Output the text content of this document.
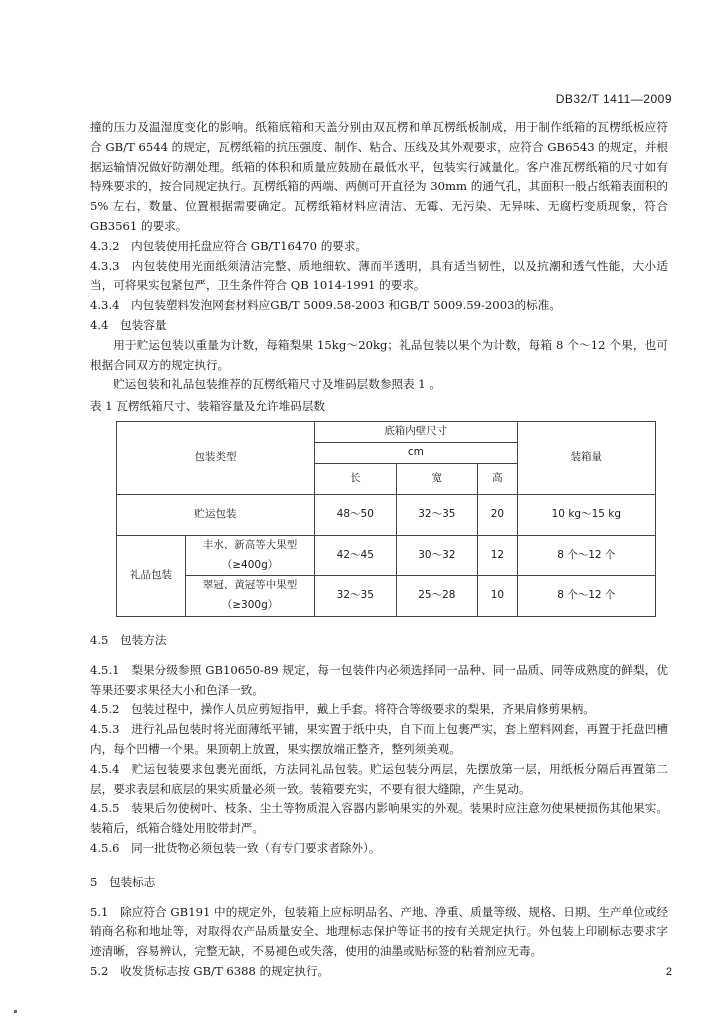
DB32/T 1411—2009

撞的压力及温湿度变化的影响。纸箱底箱和天盖分别由双瓦楞和单瓦楞纸板制成，用于制作纸箱的瓦楞纸板应符合 GB/T 6544 的规定，瓦楞纸箱的抗压强度、制作、粘合、压线及其外观要求，应符合 GB6543 的规定，并根据运输情况做好防潮处理。纸箱的体积和质量应鼓励在最低水平，包装实行减量化。客户准瓦楞纸箱的尺寸如有特殊要求的，按合同规定执行。瓦楞纸箱的两端、两侧可开直径为 30mm 的通气孔，其面积一般占纸箱表面积的 5% 左右，数量、位置根据需要确定。瓦楞纸箱材料应清洁、无霉、无污染、无异味、无腐朽变质现象，符合 GB3561 的要求。

4.3.2　内包装使用托盘应符合 GB/T16470 的要求。

4.3.3　内包装使用光面纸须清洁完整、质地细软、薄而半透明，具有适当韧性，以及抗潮和透气性能，大小适当，可将果实包紧包严，卫生条件符合 QB 1014-1991 的要求。

4.3.4　内包装塑料发泡网套材料应GB/T 5009.58-2003 和GB/T 5009.59-2003的标准。

4.4　包装容量

用于贮运包装以重量为计数，每箱梨果 15kg～20kg；礼品包装以果个为计数，每箱 8 个～12 个果，也可根据合同双方的规定执行。

贮运包装和礼品包装推荐的瓦楞纸箱尺寸及堆码层数参照表 1 。

表 1 瓦楞纸箱尺寸、装箱容量及允许堆码层数

包装类型		底箱内壁尺寸			装箱量
		cm			
		长	宽	高	
贮运包装		48～50	32～35	20	10 kg～15 kg
礼品包装	丰水、新高等大果型
（≥400g）	42～45	30～32	12	8 个～12 个

	翠冠、黄冠等中果型
（≥300g）	32～35	25～28	10	8 个～12 个

4.5　包装方法

4.5.1　梨果分级参照 GB10650-89 规定，每一包装件内必须选择同一品种、同一品质、同等成熟度的鲜梨，优等果还要求果径大小和色泽一致。

4.5.2　包装过程中，操作人员应剪短指甲，戴上手套。将符合等级要求的梨果，齐果肩修剪果柄。

4.5.3　进行礼品包装时将光面薄纸平铺，果实置于纸中央，自下而上包裹严实，套上塑料网套，再置于托盘凹槽内，每个凹槽一个果。果顶朝上放置，果实摆放端正整齐，整列须美观。

4.5.4　贮运包装要求包裹光面纸，方法同礼品包装。贮运包装分两层，先摆放第一层，用纸板分隔后再置第二层，要求表层和底层的果实质量必须一致。装箱要充实，不要有很大缝隙，产生晃动。

4.5.5　装果后勿使树叶、枝条、尘土等物质混入容器内影响果实的外观。装果时应注意勿使果梗损伤其他果实。装箱后，纸箱合缝处用胶带封严。

4.5.6　同一批货物必须包装一致（有专门要求者除外）。

5　包装标志

5.1　除应符合 GB191 中的规定外，包装箱上应标明品名、产地、净重、质量等级、规格、日期、生产单位或经销商名称和地址等，对取得农产品质量安全、地理标志保护等证书的按有关规定执行。外包装上印刷标志要求字迹清晰，容易辨认，完整无缺，不易褪色或失落，使用的油墨或贴标签的粘着剂应无毒。

5.2　收发货标志按 GB/T 6388 的规定执行。	2
